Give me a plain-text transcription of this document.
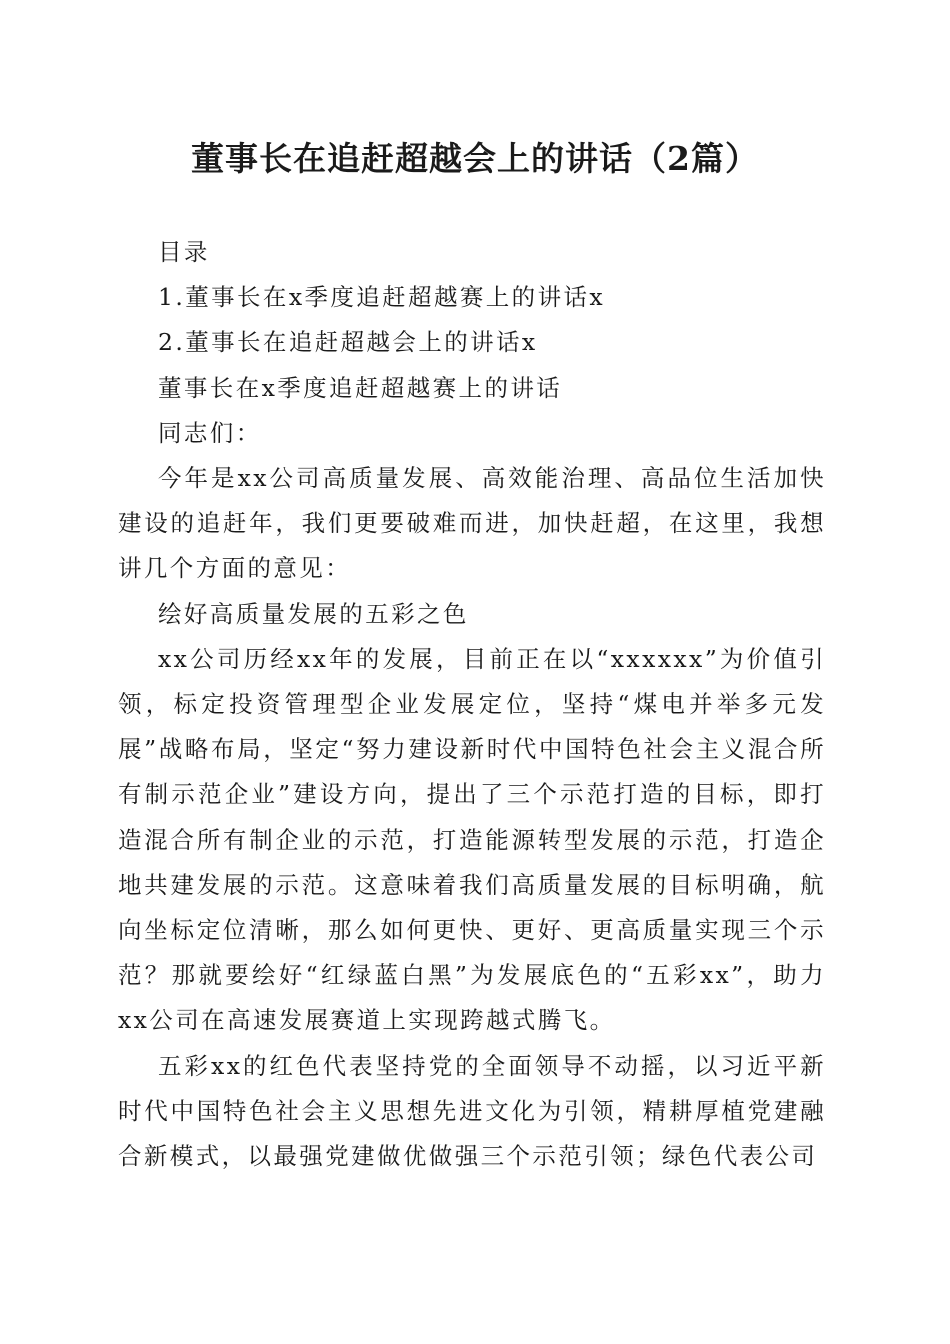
董事长在追赶超越会上的讲话（2篇）

目录

1.董事长在x季度追赶超越赛上的讲话x

2.董事长在追赶超越会上的讲话x

董事长在x季度追赶超越赛上的讲话

同志们：

今年是xx公司高质量发展、高效能治理、高品位生活加快建设的追赶年，我们更要破难而进，加快赶超，在这里，我想讲几个方面的意见：

绘好高质量发展的五彩之色

xx公司历经xx年的发展，目前正在以“xxxxxx”为价值引领，标定投资管理型企业发展定位，坚持“煤电并举多元发展”战略布局，坚定“努力建设新时代中国特色社会主义混合所有制示范企业”建设方向，提出了三个示范打造的目标，即打造混合所有制企业的示范，打造能源转型发展的示范，打造企地共建发展的示范。这意味着我们高质量发展的目标明确，航向坐标定位清晰，那么如何更快、更好、更高质量实现三个示范？那就要绘好“红绿蓝白黑”为发展底色的“五彩xx”，助力xx公司在高速发展赛道上实现跨越式腾飞。

五彩xx的红色代表坚持党的全面领导不动摇，以习近平新时代中国特色社会主义思想先进文化为引领，精耕厚植党建融合新模式，以最强党建做优做强三个示范引领；绿色代表公司
